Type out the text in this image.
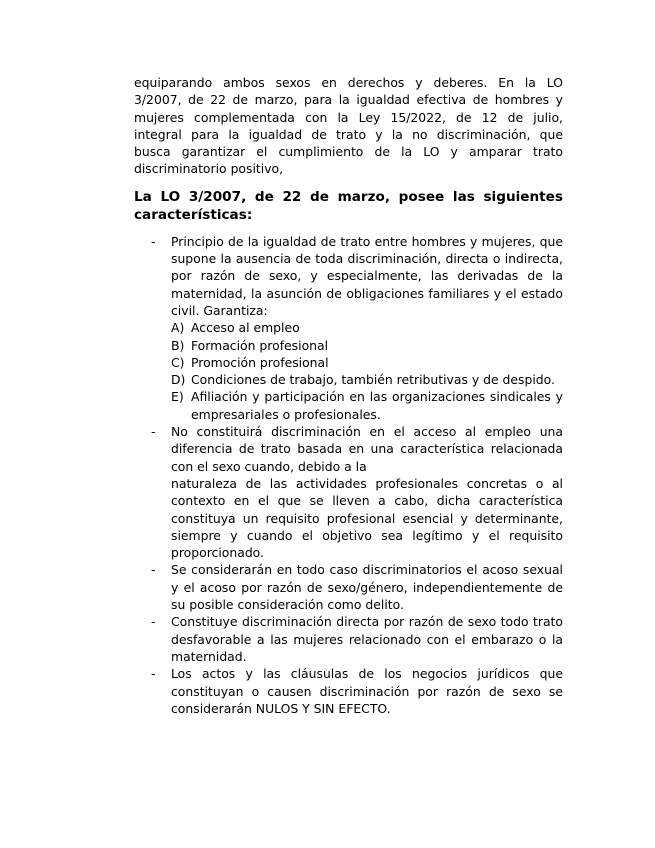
equiparando ambos sexos en derechos y deberes. En la LO
3/2007, de 22 de marzo, para la igualdad efectiva de hombres y
mujeres complementada con la Ley 15/2022, de 12 de julio,
integral para la igualdad de trato y la no discriminación, que
busca garantizar el cumplimiento de la LO y amparar trato
discriminatorio positivo,
La LO 3/2007, de 22 de marzo, posee las siguientes características:
- Principio de la igualdad de trato entre hombres y mujeres, que supone la ausencia de toda discriminación, directa o indirecta, por razón de sexo, y especialmente, las derivadas de la maternidad, la asunción de obligaciones familiares y el estado civil. Garantiza:
A) Acceso al empleo
B) Formación profesional
C) Promoción profesional
D) Condiciones de trabajo, también retributivas y de despido.
E) Afiliación y participación en las organizaciones sindicales y empresariales o profesionales.
- No constituirá discriminación en el acceso al empleo una diferencia de trato basada en una característica relacionada con el sexo cuando, debido a la
naturaleza de las actividades profesionales concretas o al contexto en el que se lleven a cabo, dicha característica constituya un requisito profesional esencial y determinante, siempre y cuando el objetivo sea legítimo y el requisito proporcionado.
- Se considerarán en todo caso discriminatorios el acoso sexual y el acoso por razón de sexo/género, independientemente de su posible consideración como delito.
- Constituye discriminación directa por razón de sexo todo trato desfavorable a las mujeres relacionado con el embarazo o la maternidad.
- Los actos y las cláusulas de los negocios jurídicos que constituyan o causen discriminación por razón de sexo se considerarán NULOS Y SIN EFECTO.
